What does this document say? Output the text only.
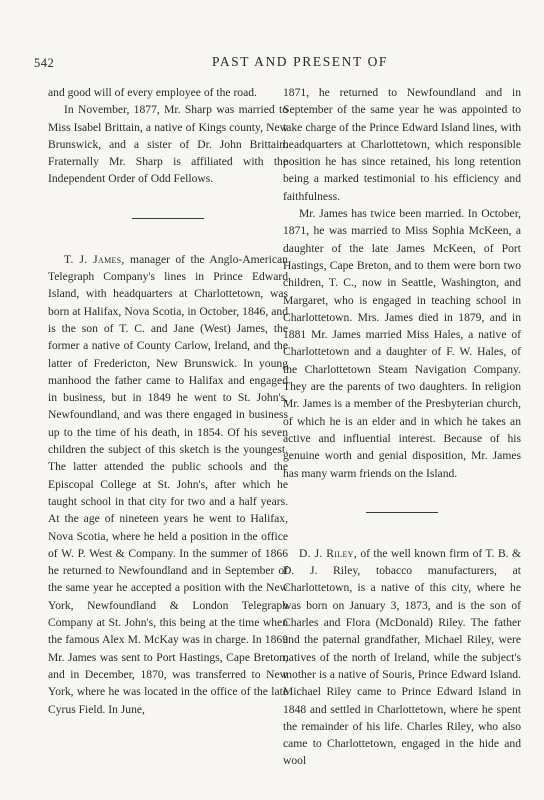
542	PAST AND PRESENT OF

and good will of every employee of the road.

In November, 1877, Mr. Sharp was married to Miss Isabel Brittain, a native of Kings county, New Brunswick, and a sister of Dr. John Brittain. Fraternally Mr. Sharp is affiliated with the Independent Order of Odd Fellows.

T. J. James, manager of the Anglo-American Telegraph Company's lines in Prince Edward Island, with headquarters at Charlottetown, was born at Halifax, Nova Scotia, in October, 1846, and is the son of T. C. and Jane (West) James, the former a native of County Carlow, Ireland, and the latter of Fredericton, New Brunswick. In young manhood the father came to Halifax and engaged in business, but in 1849 he went to St. John's, Newfoundland, and was there engaged in business up to the time of his death, in 1854. Of his seven children the subject of this sketch is the youngest. The latter attended the public schools and the Episcopal College at St. John's, after which he taught school in that city for two and a half years. At the age of nineteen years he went to Halifax, Nova Scotia, where he held a position in the office of W. P. West & Company. In the summer of 1866 he returned to Newfoundland and in September of the same year he accepted a position with the New York, Newfoundland & London Telegraph Company at St. John's, this being at the time when the famous Alex M. McKay was in charge. In 1869 Mr. James was sent to Port Hastings, Cape Breton, and in December, 1870, was transferred to New York, where he was located in the office of the late Cyrus Field. In June,

1871, he returned to Newfoundland and in September of the same year he was appointed to take charge of the Prince Edward Island lines, with headquarters at Charlottetown, which responsible position he has since retained, his long retention being a marked testimonial to his efficiency and faithfulness.

Mr. James has twice been married. In October, 1871, he was married to Miss Sophia McKeen, a daughter of the late James McKeen, of Port Hastings, Cape Breton, and to them were born two children, T. C., now in Seattle, Washington, and Margaret, who is engaged in teaching school in Charlottetown. Mrs. James died in 1879, and in 1881 Mr. James married Miss Hales, a native of Charlottetown and a daughter of F. W. Hales, of the Charlottetown Steam Navigation Company. They are the parents of two daughters. In religion Mr. James is a member of the Presbyterian church, of which he is an elder and in which he takes an active and influential interest. Because of his genuine worth and genial disposition, Mr. James has many warm friends on the Island.

D. J. Riley, of the well known firm of T. B. & D. J. Riley, tobacco manufacturers, at Charlottetown, is a native of this city, where he was born on January 3, 1873, and is the son of Charles and Flora (McDonald) Riley. The father and the paternal grandfather, Michael Riley, were natives of the north of Ireland, while the subject's mother is a native of Souris, Prince Edward Island. Michael Riley came to Prince Edward Island in 1848 and settled in Charlottetown, where he spent the remainder of his life. Charles Riley, who also came to Charlottetown, engaged in the hide and wool
